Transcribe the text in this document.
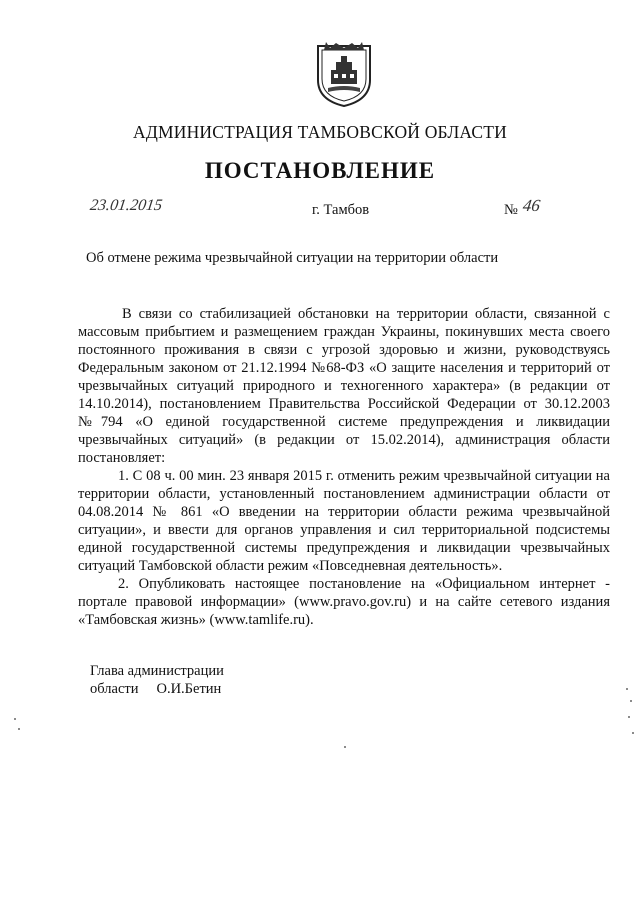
АДМИНИСТРАЦИЯ ТАМБОВСКОЙ ОБЛАСТИ
ПОСТАНОВЛЕНИЕ
23.01.2015	г. Тамбов	№ 46
Об отмене режима чрезвычайной ситуации на территории области

В связи со стабилизацией обстановки на территории области, связанной с массовым прибытием и размещением граждан Украины, покинувших места своего постоянного проживания в связи с угрозой здоровью и жизни, руководствуясь Федеральным законом от 21.12.1994 №68-ФЗ «О защите населения и территорий от чрезвычайных ситуаций природного и техногенного характера» (в редакции от 14.10.2014), постановлением Правительства Российской Федерации от 30.12.2003 №794 «О единой государственной системе предупреждения и ликвидации чрезвычайных ситуаций» (в редакции от 15.02.2014), администрация области постановляет:

1. С 08 ч. 00 мин. 23 января 2015 г. отменить режим чрезвычайной ситуации на территории области, установленный постановлением администрации области от 04.08.2014 № 861 «О введении на территории области режима чрезвычайной ситуации», и ввести для органов управления и сил территориальной подсистемы единой государственной системы предупреждения и ликвидации чрезвычайных ситуаций Тамбовской области режим «Повседневная деятельность».

2. Опубликовать настоящее постановление на «Официальном интернет - портале правовой информации» (www.pravo.gov.ru) и на сайте сетевого издания «Тамбовская жизнь» (www.tamlife.ru).

Глава администрации
области О.И.Бетин
